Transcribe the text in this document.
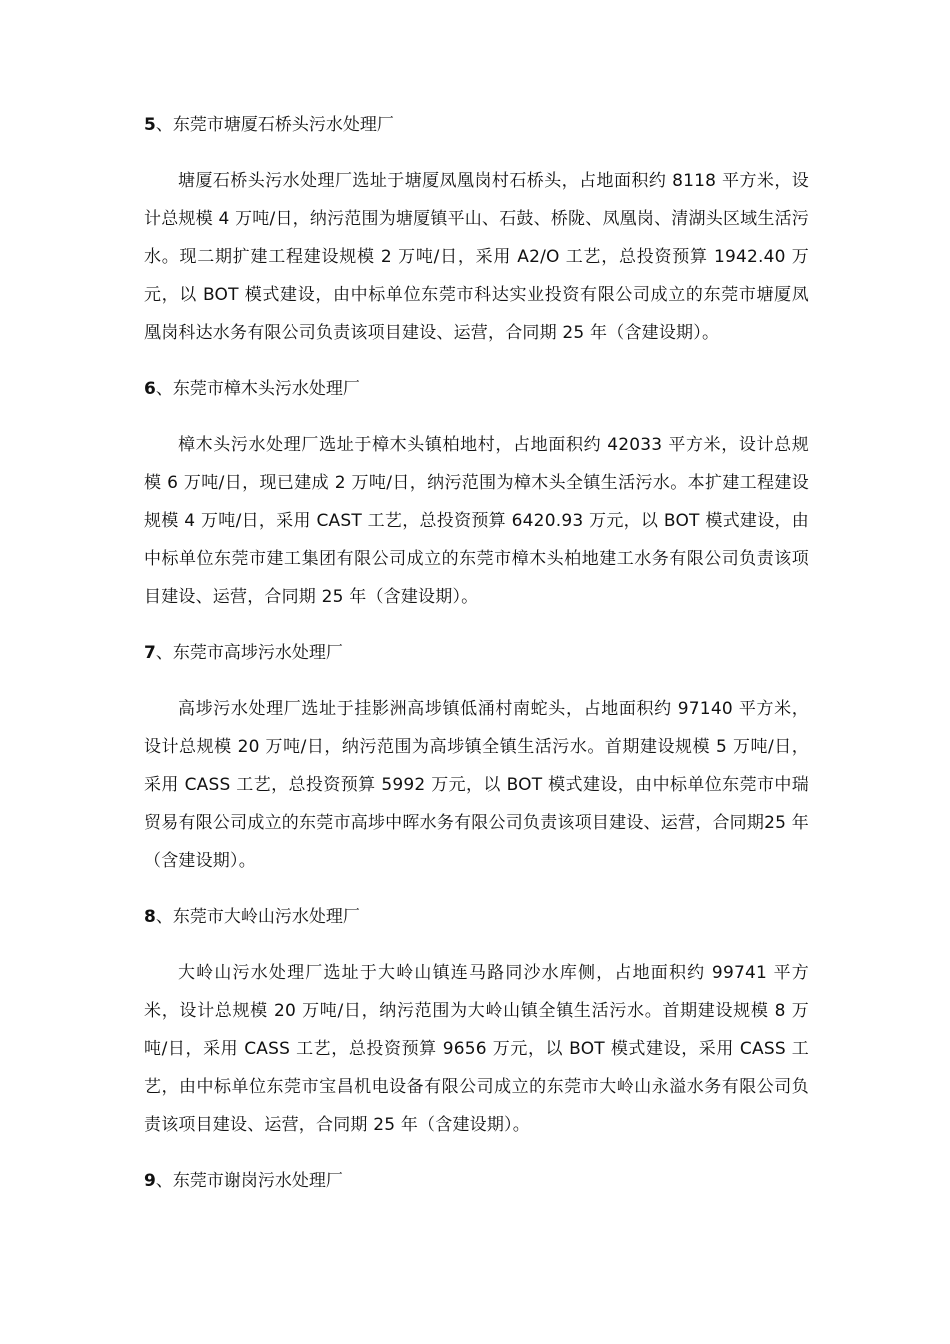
5、东莞市塘厦石桥头污水处理厂

塘厦石桥头污水处理厂选址于塘厦凤凰岗村石桥头，占地面积约 8118 平方米，设计总规模 4 万吨/日，纳污范围为塘厦镇平山、石鼓、桥陇、凤凰岗、清湖头区域生活污水。现二期扩建工程建设规模 2 万吨/日，采用 A2/O 工艺，总投资预算 1942.40 万元，以 BOT 模式建设，由中标单位东莞市科达实业投资有限公司成立的东莞市塘厦凤凰岗科达水务有限公司负责该项目建设、运营，合同期 25 年（含建设期）。

6、东莞市樟木头污水处理厂

樟木头污水处理厂选址于樟木头镇柏地村，占地面积约 42033 平方米，设计总规模 6 万吨/日，现已建成 2 万吨/日，纳污范围为樟木头全镇生活污水。本扩建工程建设规模 4 万吨/日，采用 CAST 工艺，总投资预算 6420.93 万元，以 BOT 模式建设，由中标单位东莞市建工集团有限公司成立的东莞市樟木头柏地建工水务有限公司负责该项目建设、运营，合同期 25 年（含建设期）。

7、东莞市高埗污水处理厂

高埗污水处理厂选址于挂影洲高埗镇低涌村南蛇头，占地面积约 97140 平方米，设计总规模 20 万吨/日，纳污范围为高埗镇全镇生活污水。首期建设规模 5 万吨/日，采用 CASS 工艺，总投资预算 5992 万元，以 BOT 模式建设，由中标单位东莞市中瑞贸易有限公司成立的东莞市高埗中晖水务有限公司负责该项目建设、运营，合同期25 年（含建设期）。

8、东莞市大岭山污水处理厂

大岭山污水处理厂选址于大岭山镇连马路同沙水库侧，占地面积约 99741 平方米，设计总规模 20 万吨/日，纳污范围为大岭山镇全镇生活污水。首期建设规模 8 万吨/日，采用 CASS 工艺，总投资预算 9656 万元，以 BOT 模式建设，采用 CASS 工艺，由中标单位东莞市宝昌机电设备有限公司成立的东莞市大岭山永溢水务有限公司负责该项目建设、运营，合同期 25 年（含建设期）。

9、东莞市谢岗污水处理厂
